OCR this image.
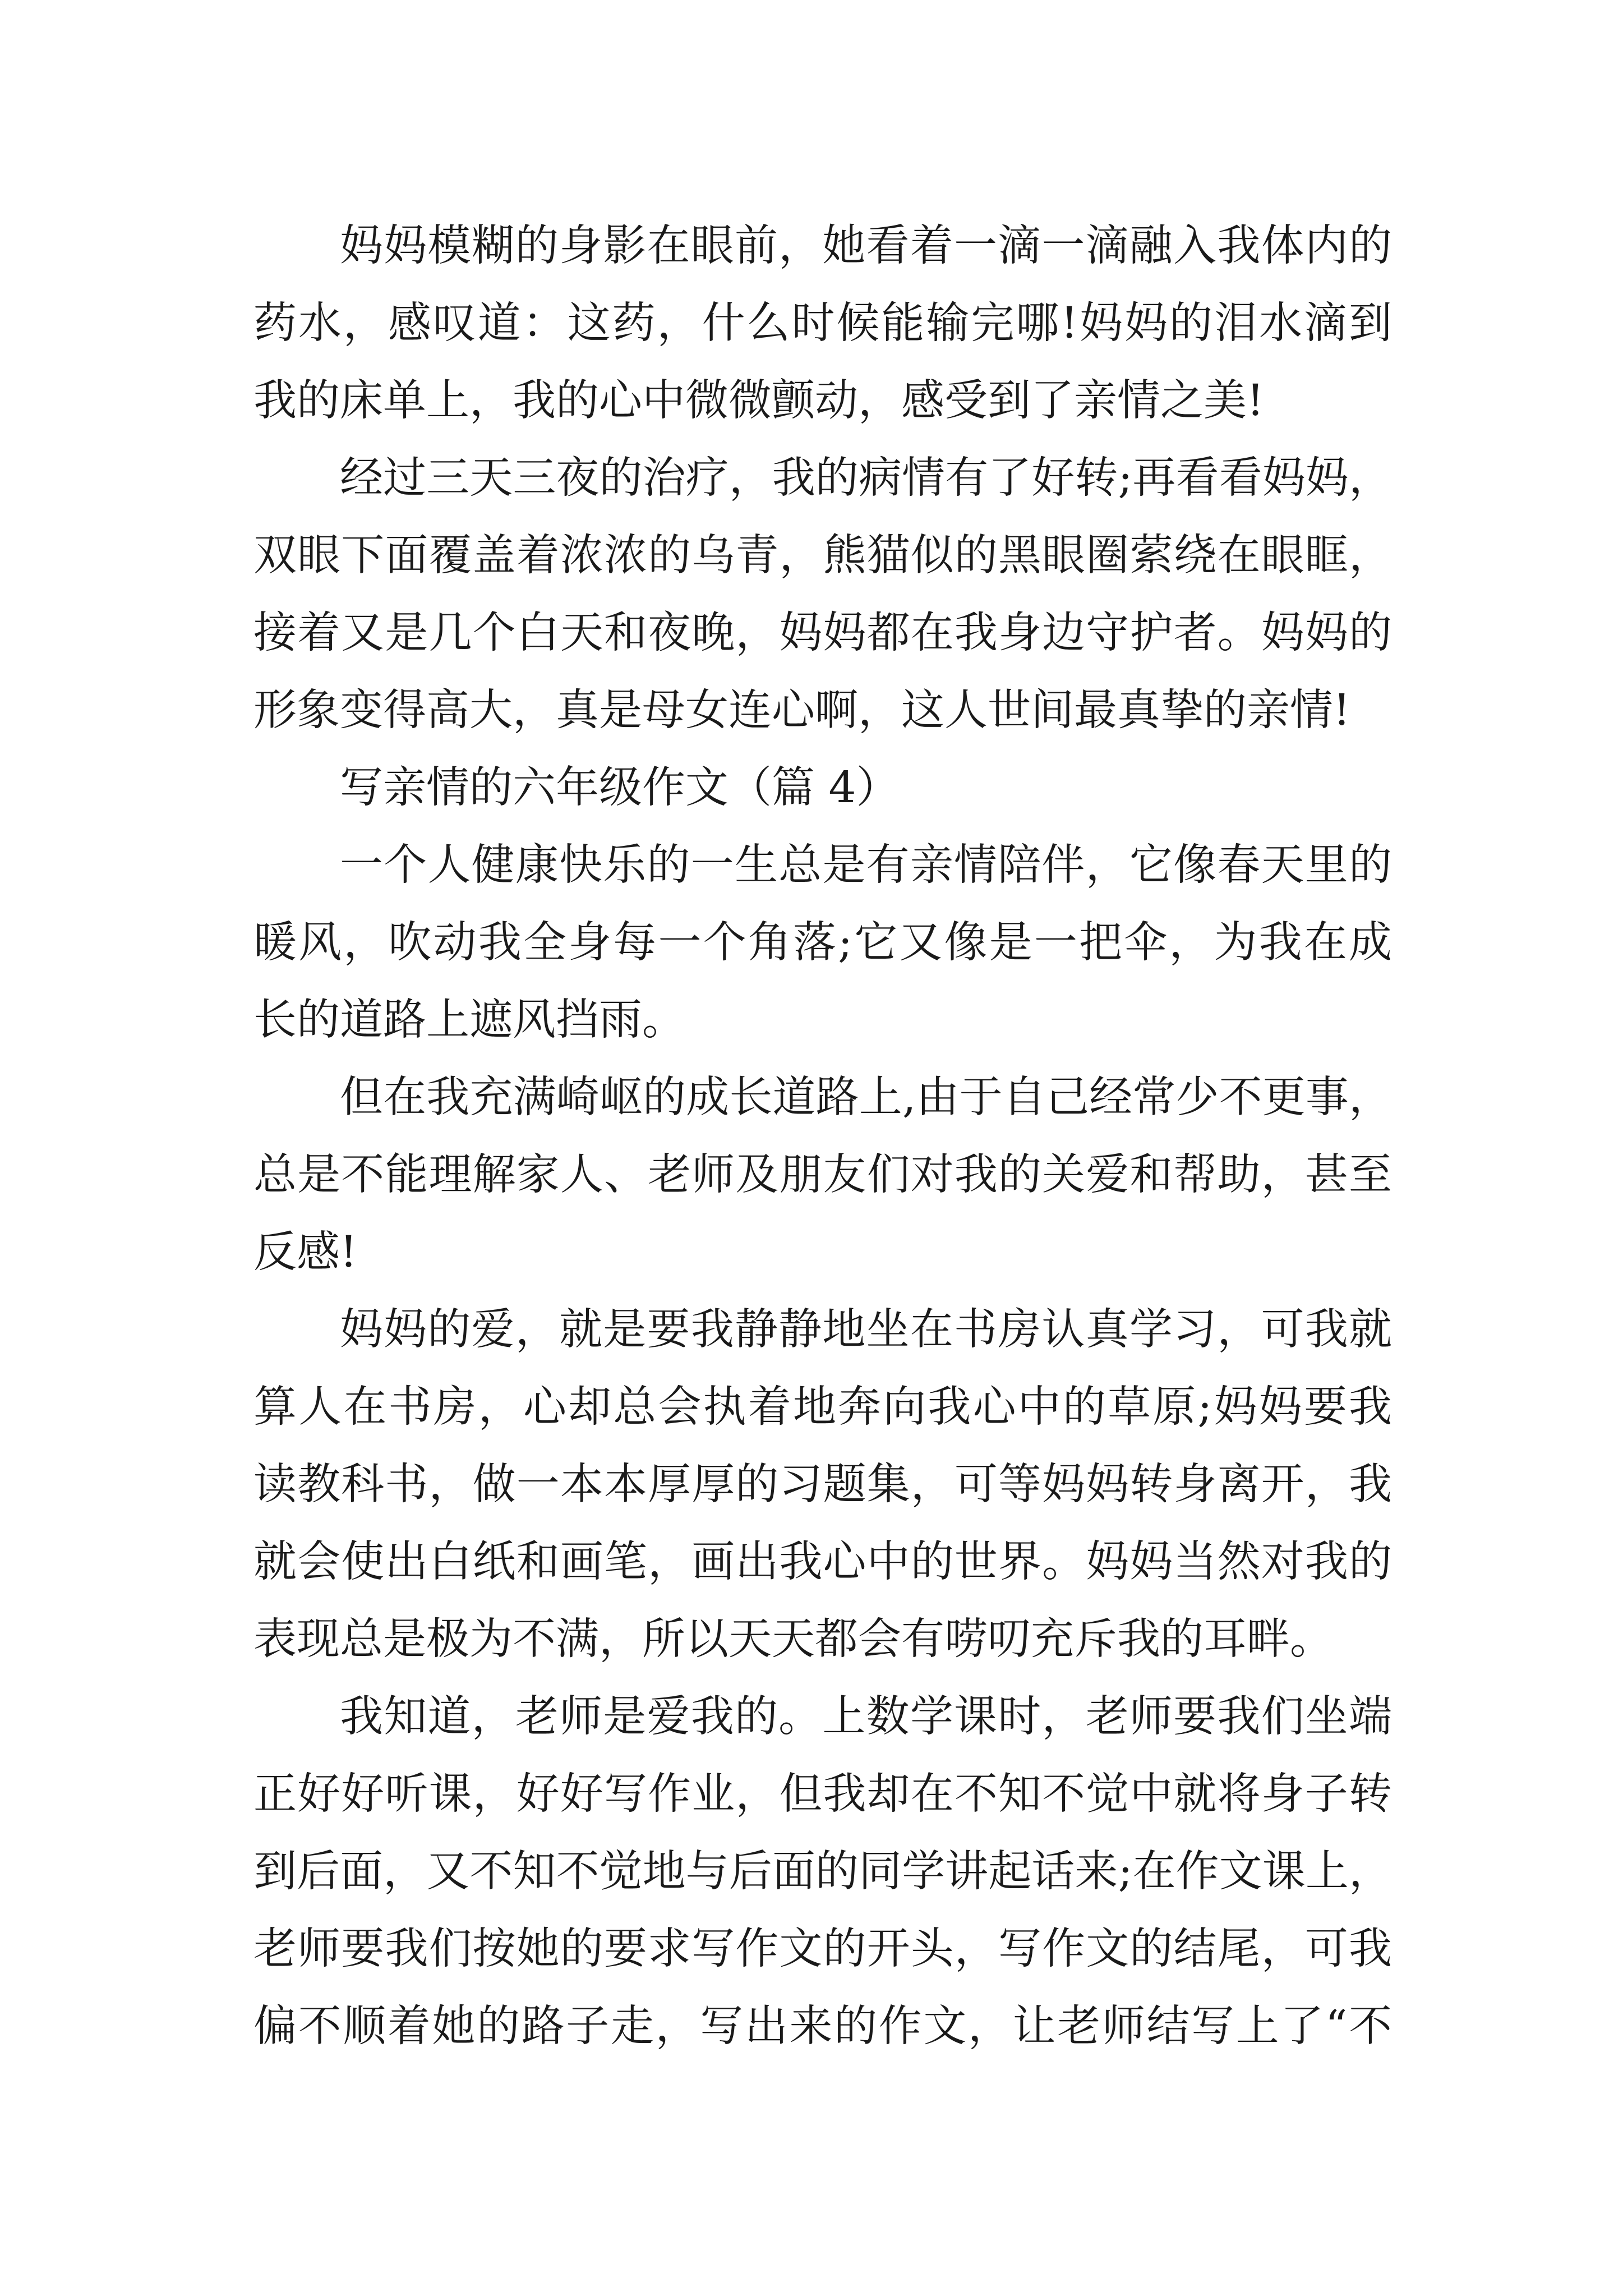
妈妈模糊的身影在眼前，她看着一滴一滴融入我体内的
药水，感叹道：这药，什么时候能输完哪!妈妈的泪水滴到
我的床单上，我的心中微微颤动，感受到了亲情之美!
经过三天三夜的治疗，我的病情有了好转;再看看妈妈，
双眼下面覆盖着浓浓的乌青，熊猫似的黑眼圈萦绕在眼眶，
接着又是几个白天和夜晚，妈妈都在我身边守护者。妈妈的
形象变得高大，真是母女连心啊，这人世间最真挚的亲情!
写亲情的六年级作文（篇 4）
一个人健康快乐的一生总是有亲情陪伴，它像春天里的
暖风，吹动我全身每一个角落;它又像是一把伞，为我在成
长的道路上遮风挡雨。
但在我充满崎岖的成长道路上,由于自己经常少不更事，
总是不能理解家人、老师及朋友们对我的关爱和帮助，甚至
反感!
妈妈的爱，就是要我静静地坐在书房认真学习，可我就
算人在书房，心却总会执着地奔向我心中的草原;妈妈要我
读教科书，做一本本厚厚的习题集，可等妈妈转身离开，我
就会使出白纸和画笔，画出我心中的世界。妈妈当然对我的
表现总是极为不满，所以天天都会有唠叨充斥我的耳畔。
我知道，老师是爱我的。上数学课时，老师要我们坐端
正好好听课，好好写作业，但我却在不知不觉中就将身子转
到后面，又不知不觉地与后面的同学讲起话来;在作文课上，
老师要我们按她的要求写作文的开头，写作文的结尾，可我
偏不顺着她的路子走，写出来的作文，让老师结写上了“不
